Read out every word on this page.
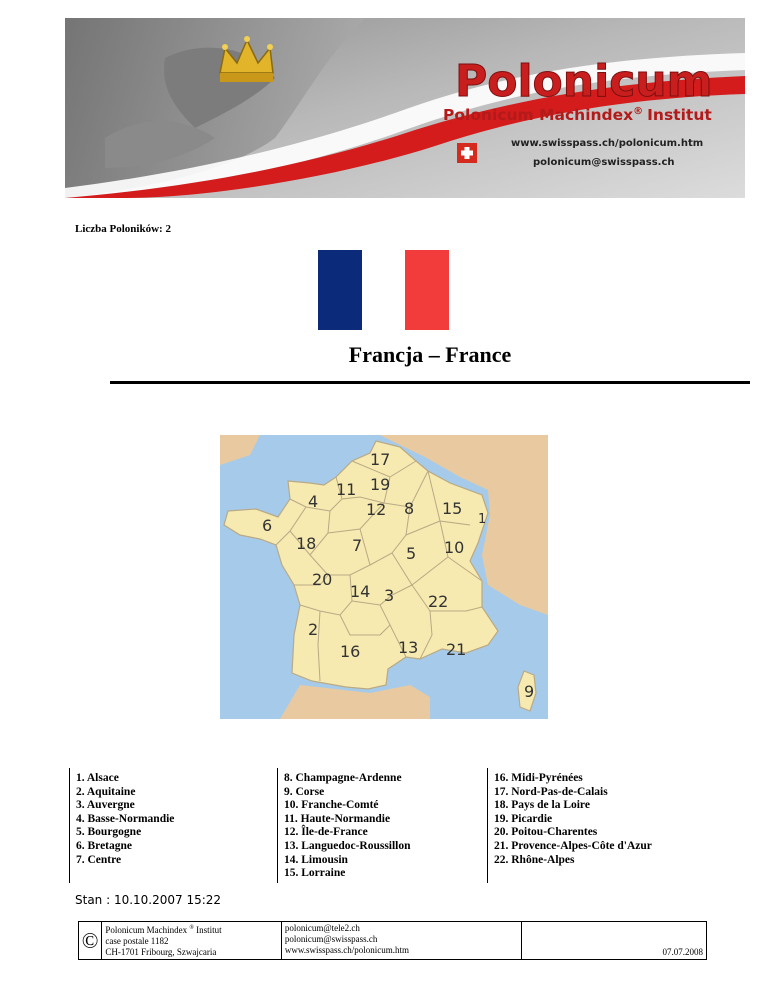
Polonicum
Polonicum Machindex® Institut
www.swisspass.ch/polonicum.htm
polonicum@swisspass.ch
Liczba Poloników: 2
Francja – France
17
11 19
4	12 8 15
6
18 7	5 10
1
20
14 3 22
2
16 13 21
9
1. Alsace
2. Aquitaine
3. Auvergne
4. Basse-Normandie
5. Bourgogne
6. Bretagne
7. Centre
8. Champagne-Ardenne
9. Corse
10. Franche-Comté
11. Haute-Normandie
12. Île-de-France
13. Languedoc-Roussillon
14. Limousin
15. Lorraine
16. Midi-Pyrénées
17. Nord-Pas-de-Calais
18. Pays de la Loire
19. Picardie
20. Poitou-Charentes
21. Provence-Alpes-Côte d'Azur
22. Rhône-Alpes
Stan : 10.10.2007 15:22
©	Polonicum Machindex ® Institut
case postale 1182
CH-1701 Fribourg, Szwajcaria

polonicum@tele2.ch
polonicum@swisspass.ch
www.swisspass.ch/polonicum.htm	07.07.2008
